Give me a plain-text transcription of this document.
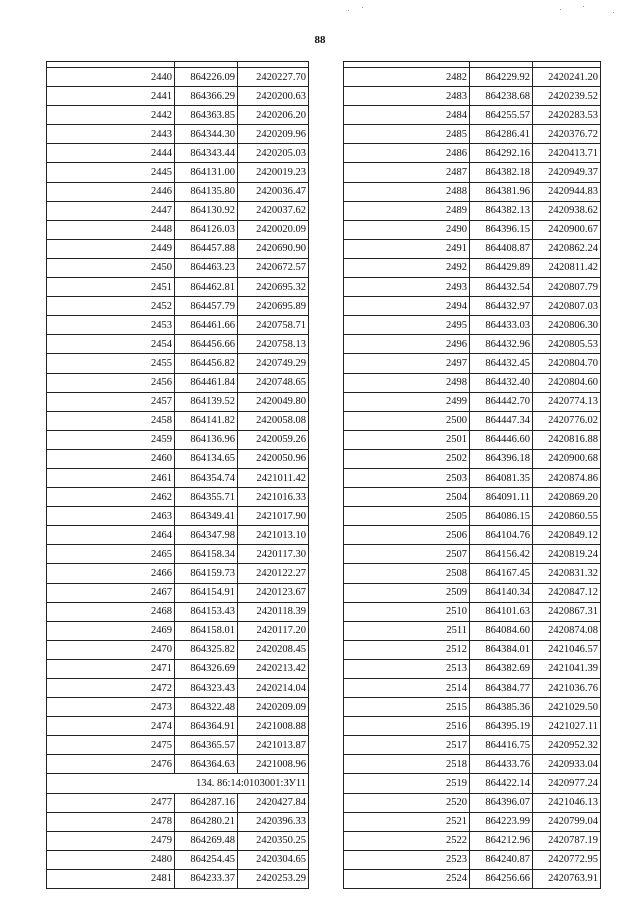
88

2440	864226.09	2420227.70
2441	864366.29	2420200.63
2442	864363.85	2420206.20
2443	864344.30	2420209.96
2444	864343.44	2420205.03
2445	864131.00	2420019.23
2446	864135.80	2420036.47
2447	864130.92	2420037.62
2448	864126.03	2420020.09
2449	864457.88	2420690.90
2450	864463.23	2420672.57
2451	864462.81	2420695.32
2452	864457.79	2420695.89
2453	864461.66	2420758.71
2454	864456.66	2420758.13
2455	864456.82	2420749.29
2456	864461.84	2420748.65
2457	864139.52	2420049.80
2458	864141.82	2420058.08
2459	864136.96	2420059.26
2460	864134.65	2420050.96
2461	864354.74	2421011.42
2462	864355.71	2421016.33
2463	864349.41	2421017.90
2464	864347.98	2421013.10
2465	864158.34	2420117.30
2466	864159.73	2420122.27
2467	864154.91	2420123.67
2468	864153.43	2420118.39
2469	864158.01	2420117.20
2470	864325.82	2420208.45
2471	864326.69	2420213.42
2472	864323.43	2420214.04
2473	864322.48	2420209.09
2474	864364.91	2421008.88
2475	864365.57	2421013.87
2476	864364.63	2421008.96
134. 86:14:0103001:ЗУ11		
2477	864287.16	2420427.84
2478	864280.21	2420396.33
2479	864269.48	2420350.25
2480	864254.45	2420304.65
2481	864233.37	2420253.29

2482	864229.92	2420241.20
2483	864238.68	2420239.52
2484	864255.57	2420283.53
2485	864286.41	2420376.72
2486	864292.16	2420413.71
2487	864382.18	2420949.37
2488	864381.96	2420944.83
2489	864382.13	2420938.62
2490	864396.15	2420900.67
2491	864408.87	2420862.24
2492	864429.89	2420811.42
2493	864432.54	2420807.79
2494	864432.97	2420807.03
2495	864433.03	2420806.30
2496	864432.96	2420805.53
2497	864432.45	2420804.70
2498	864432.40	2420804.60
2499	864442.70	2420774.13
2500	864447.34	2420776.02
2501	864446.60	2420816.88
2502	864396.18	2420900.68
2503	864081.35	2420874.86
2504	864091.11	2420869.20
2505	864086.15	2420860.55
2506	864104.76	2420849.12
2507	864156.42	2420819.24
2508	864167.45	2420831.32
2509	864140.34	2420847.12
2510	864101.63	2420867.31
2511	864084.60	2420874.08
2512	864384.01	2421046.57
2513	864382.69	2421041.39
2514	864384.77	2421036.76
2515	864385.36	2421029.50
2516	864395.19	2421027.11
2517	864416.75	2420952.32
2518	864433.76	2420933.04
2519	864422.14	2420977.24
2520	864396.07	2421046.13
2521	864223.99	2420799.04
2522	864212.96	2420787.19
2523	864240.87	2420772.95
2524	864256.66	2420763.91
